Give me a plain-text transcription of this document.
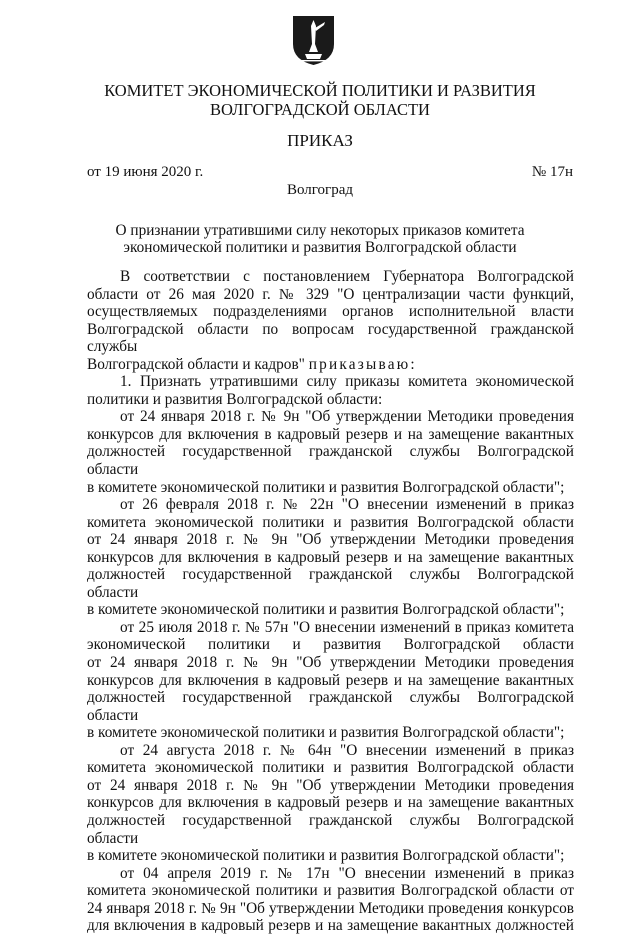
КОМИТЕТ ЭКОНОМИЧЕСКОЙ ПОЛИТИКИ И РАЗВИТИЯ
ВОЛГОГРАДСКОЙ ОБЛАСТИ
ПРИКАЗ
от 19 июня 2020 г.	№ 17н
Волгоград
О признании утратившими силу некоторых приказов комитета
экономической политики и развития Волгоградской области

В соответствии с постановлением Губернатора Волгоградской
области от 26 мая 2020 г. № 329 "О централизации части функций,
осуществляемых подразделениями органов исполнительной власти
Волгоградской области по вопросам государственной гражданской службы
Волгоградской области и кадров" приказываю:

1. Признать утратившими силу приказы комитета экономической
политики и развития Волгоградской области:

от 24 января 2018 г. № 9н "Об утверждении Методики проведения
конкурсов для включения в кадровый резерв и на замещение вакантных
должностей государственной гражданской службы Волгоградской области
в комитете экономической политики и развития Волгоградской области";

от 26 февраля 2018 г. № 22н "О внесении изменений в приказ
комитета экономической политики и развития Волгоградской области
от 24 января 2018 г. № 9н "Об утверждении Методики проведения
конкурсов для включения в кадровый резерв и на замещение вакантных
должностей государственной гражданской службы Волгоградской области
в комитете экономической политики и развития Волгоградской области";

от 25 июля 2018 г. № 57н "О внесении изменений в приказ комитета
экономической политики и развития Волгоградской области
от 24 января 2018 г. № 9н "Об утверждении Методики проведения
конкурсов для включения в кадровый резерв и на замещение вакантных
должностей государственной гражданской службы Волгоградской области
в комитете экономической политики и развития Волгоградской области";

от 24 августа 2018 г. № 64н "О внесении изменений в приказ
комитета экономической политики и развития Волгоградской области
от 24 января 2018 г. № 9н "Об утверждении Методики проведения
конкурсов для включения в кадровый резерв и на замещение вакантных
должностей государственной гражданской службы Волгоградской области
в комитете экономической политики и развития Волгоградской области";

от 04 апреля 2019 г. № 17н "О внесении изменений в приказ
комитета экономической политики и развития Волгоградской области от
24 января 2018 г. № 9н "Об утверждении Методики проведения конкурсов
для включения в кадровый резерв и на замещение вакантных должностей
